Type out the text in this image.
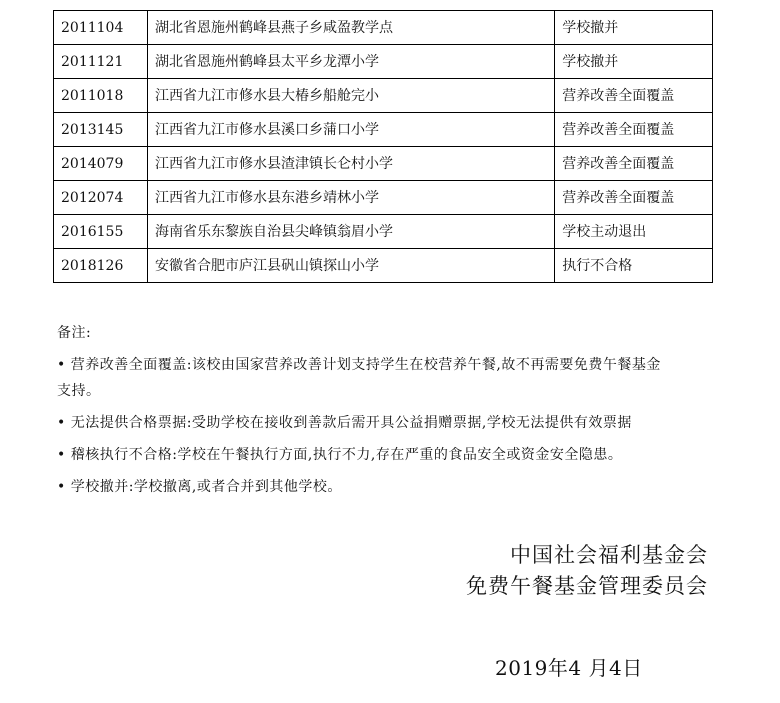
2011104	湖北省恩施州鹤峰县燕子乡咸盈教学点	学校撤并
2011121	湖北省恩施州鹤峰县太平乡龙潭小学	学校撤并
2011018	江西省九江市修水县大椿乡船舱完小	营养改善全面覆盖
2013145	江西省九江市修水县溪口乡蒲口小学	营养改善全面覆盖
2014079	江西省九江市修水县渣津镇长仑村小学	营养改善全面覆盖
2012074	江西省九江市修水县东港乡靖林小学	营养改善全面覆盖
2016155	海南省乐东黎族自治县尖峰镇翁眉小学	学校主动退出
2018126	安徽省合肥市庐江县矾山镇探山小学	执行不合格

备注:

• 营养改善全面覆盖:该校由国家营养改善计划支持学生在校营养午餐,故不再需要免费午餐基金
支持。

• 无法提供合格票据:受助学校在接收到善款后需开具公益捐赠票据,学校无法提供有效票据

• 稽核执行不合格:学校在午餐执行方面,执行不力,存在严重的食品安全或资金安全隐患。

• 学校撤并:学校撤离,或者合并到其他学校。

中国社会福利基金会
免费午餐基金管理委员会
2019年4 月4日
